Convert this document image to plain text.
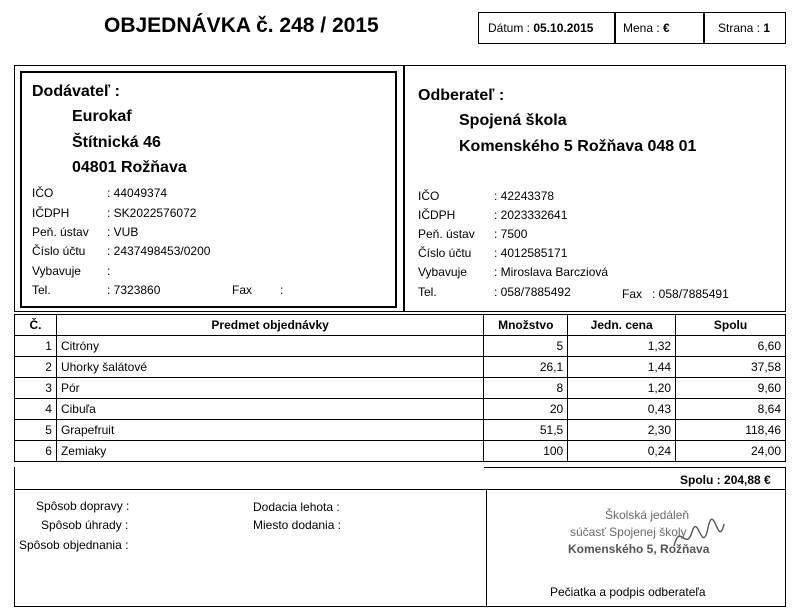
OBJEDNÁVKA č. 248 / 2015	Dátum : 05.10.2015 Mena : €	Strana : 1
Dodávateľ :
Eurokaf
Štítnická 46
04801 Rožňava
IČO	: 44049374
IČDPH	: SK2022576072
Peň. ústav : VUB
Číslo účtu : 2437498453/0200
Vybavuje :
Tel.	: 7323860	Fax :
Odberateľ :
Spojená škola
Komenského 5 Rožňava 048 01
IČO	: 42243378
IČDPH	: 2023332641
Peň. ústav : 7500
Číslo účtu : 4012585171
Vybavuje : Miroslava Barcziová
Tel.	: 058/7885492	Fax : 058/7885491
Č.	Predmet objednávky	Množstvo	Jedn. cena	Spolu
1	Citróny	5	1,32	6,60
2	Uhorky šalátové	26,1	1,44	37,58
3	Pór	8	1,20	9,60
4	Cibuľa	20	0,43	8,64
5	Grapefruit	51,5	2,30	118,46
6	Zemiaky	100	0,24	24,00
Spolu : 204,88 €
Spôsob dopravy :
Spôsob úhrady :
Spôsob objednania :
Dodacia lehota :
Miesto dodania :
Školská jedáleň
súčasť Spojenej školy
Komenského 5, Rožňava
Pečiatka a podpis odberateľa
